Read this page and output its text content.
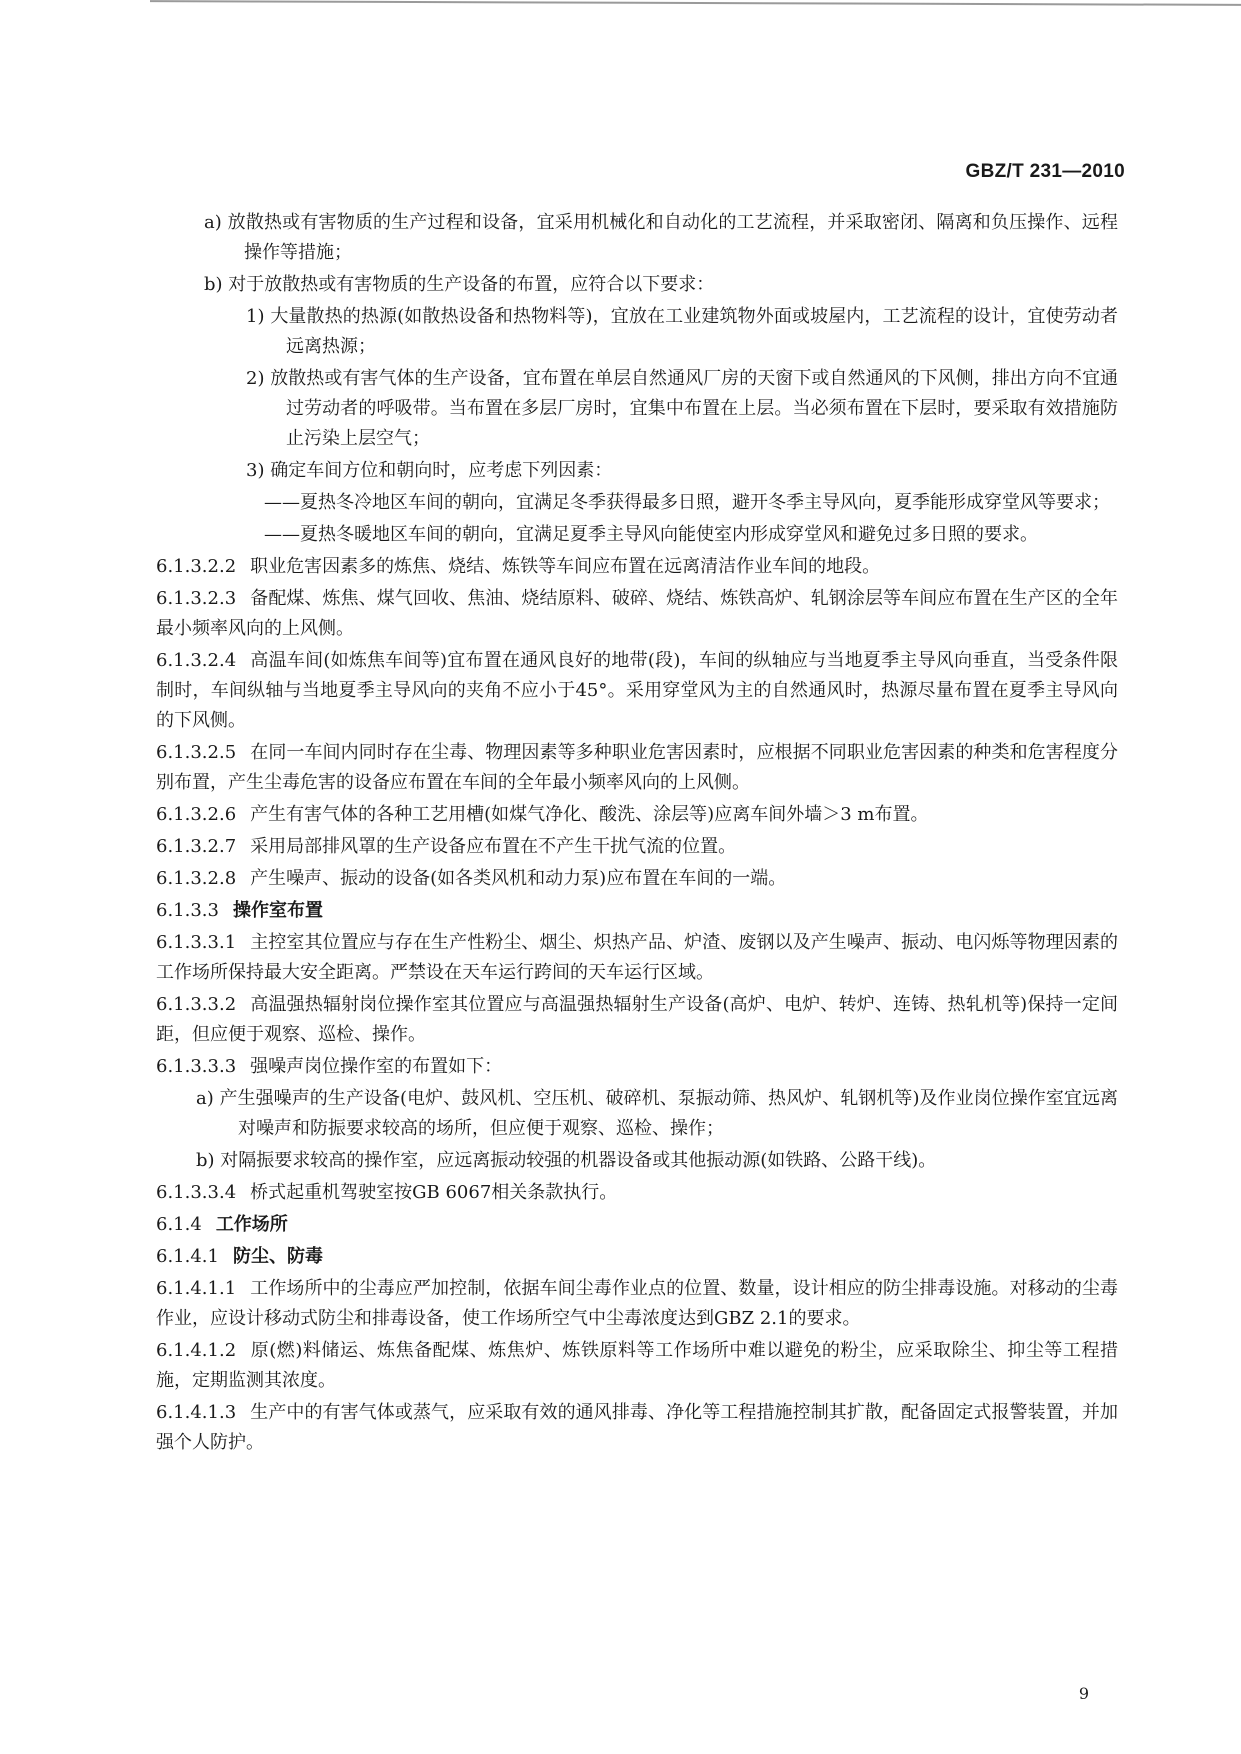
GBZ/T 231—2010

a) 放散热或有害物质的生产过程和设备，宜采用机械化和自动化的工艺流程，并采取密闭、隔离和负压操作、远程操作等措施；

b) 对于放散热或有害物质的生产设备的布置，应符合以下要求：

1) 大量散热的热源(如散热设备和热物料等)，宜放在工业建筑物外面或坡屋内，工艺流程的设计，宜使劳动者远离热源；

2) 放散热或有害气体的生产设备，宜布置在单层自然通风厂房的天窗下或自然通风的下风侧，排出方向不宜通过劳动者的呼吸带。当布置在多层厂房时，宜集中布置在上层。当必须布置在下层时，要采取有效措施防止污染上层空气；

3) 确定车间方位和朝向时，应考虑下列因素：

——夏热冬冷地区车间的朝向，宜满足冬季获得最多日照，避开冬季主导风向，夏季能形成穿堂风等要求；

——夏热冬暖地区车间的朝向，宜满足夏季主导风向能使室内形成穿堂风和避免过多日照的要求。

6.1.3.2.2 职业危害因素多的炼焦、烧结、炼铁等车间应布置在远离清洁作业车间的地段。

6.1.3.2.3 备配煤、炼焦、煤气回收、焦油、烧结原料、破碎、烧结、炼铁高炉、轧钢涂层等车间应布置在生产区的全年最小频率风向的上风侧。

6.1.3.2.4 高温车间(如炼焦车间等)宜布置在通风良好的地带(段)，车间的纵轴应与当地夏季主导风向垂直，当受条件限制时，车间纵轴与当地夏季主导风向的夹角不应小于45°。采用穿堂风为主的自然通风时，热源尽量布置在夏季主导风向的下风侧。

6.1.3.2.5 在同一车间内同时存在尘毒、物理因素等多种职业危害因素时，应根据不同职业危害因素的种类和危害程度分别布置，产生尘毒危害的设备应布置在车间的全年最小频率风向的上风侧。

6.1.3.2.6 产生有害气体的各种工艺用槽(如煤气净化、酸洗、涂层等)应离车间外墙＞3 m布置。

6.1.3.2.7 采用局部排风罩的生产设备应布置在不产生干扰气流的位置。

6.1.3.2.8 产生噪声、振动的设备(如各类风机和动力泵)应布置在车间的一端。

6.1.3.3 操作室布置

6.1.3.3.1 主控室其位置应与存在生产性粉尘、烟尘、炽热产品、炉渣、废钢以及产生噪声、振动、电闪烁等物理因素的工作场所保持最大安全距离。严禁设在天车运行跨间的天车运行区域。

6.1.3.3.2 高温强热辐射岗位操作室其位置应与高温强热辐射生产设备(高炉、电炉、转炉、连铸、热轧机等)保持一定间距，但应便于观察、巡检、操作。

6.1.3.3.3 强噪声岗位操作室的布置如下：

a) 产生强噪声的生产设备(电炉、鼓风机、空压机、破碎机、泵振动筛、热风炉、轧钢机等)及作业岗位操作室宜远离对噪声和防振要求较高的场所，但应便于观察、巡检、操作；

b) 对隔振要求较高的操作室，应远离振动较强的机器设备或其他振动源(如铁路、公路干线)。

6.1.3.3.4 桥式起重机驾驶室按GB 6067相关条款执行。

6.1.4 工作场所

6.1.4.1 防尘、防毒

6.1.4.1.1 工作场所中的尘毒应严加控制，依据车间尘毒作业点的位置、数量，设计相应的防尘排毒设施。对移动的尘毒作业，应设计移动式防尘和排毒设备，使工作场所空气中尘毒浓度达到GBZ 2.1的要求。

6.1.4.1.2 原(燃)料储运、炼焦备配煤、炼焦炉、炼铁原料等工作场所中难以避免的粉尘，应采取除尘、抑尘等工程措施，定期监测其浓度。

6.1.4.1.3 生产中的有害气体或蒸气，应采取有效的通风排毒、净化等工程措施控制其扩散，配备固定式报警装置，并加强个人防护。

9
